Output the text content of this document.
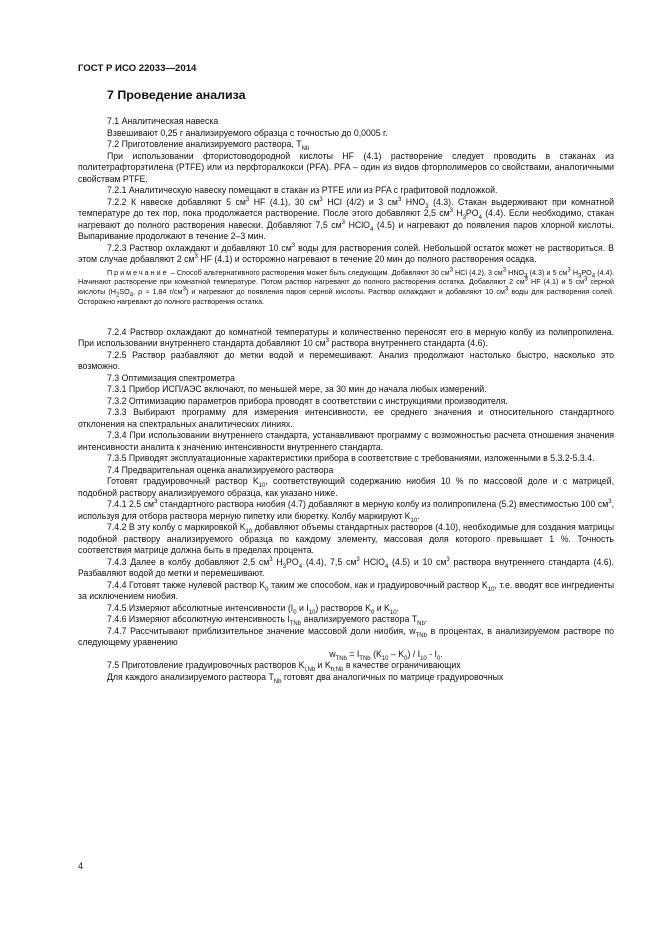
ГОСТ Р ИСО 22033—2014
7 Проведение анализа

7.1 Аналитическая навеска

Взвешивают 0,25 г анализируемого образца с точностью до 0,0005 г.

7.2 Приготовление анализируемого раствора, $T_{Nb}$

При использовании фтористоводородной кислоты HF (4.1) растворение следует проводить в стаканах из политетрафторэтилена (PTFE) или из перфторалкокси (PFA). PFA – один из видов фторполимеров со свойствами, аналогичными свойствам PTFE.

7.2.1 Аналитическую навеску помещают в стакан из PTFE или из PFA с графитовой подложкой.

7.2.2 К навеске добавляют 5 $см^3$ HF (4.1), 30 $см^3$ HCl (4/2) и 3 $см^3$ $HNO_3$ (4.3). Стакан выдерживают при комнатной температуре до тех пор, пока продолжается растворение. После этого добавляют 2,5 $см^3$ $H_3PO_4$ (4.4). Если необходимо, стакан нагревают до полного растворения навески. Добавляют 7,5 $см^3$ HClO$_4$ (4.5) и нагревают до появления паров хлорной кислоты. Выпаривание продолжают в течение 2–3 мин.

7.2.3 Раствор охлаждают и добавляют 10 $см^3$ воды для растворения солей. Небольшой остаток может не раствориться. В этом случае добавляют 2 $см^3$ HF (4.1) и осторожно нагревают в течение 20 мин до полного растворения осадка.

Примечание – Способ альтернативного растворения может быть следующим. Добавляют 30 $см^3$ HCl (4.2), 3 $см^3$ $HNO_3$ (4.3) и 5 $см^3$ $H_3PO_4$ (4.4). Начинают растворение при комнатной температуре. Потом раствор нагревают до полного растворения остатка. Добавляют 2 $см^3$ HF (4.1) и 5 $см^3$ серной кислоты ($H_2SO_4$, ρ ≈ 1,84 $г/см^3$) и нагревают до появления паров серной кислоты. Раствор охлаждают и добавляют 10 $см^3$ воды для растворения солей. Осторожно нагревают до полного растворения остатка.

7.2.4 Раствор охлаждают до комнатной температуры и количественно переносят его в мерную колбу из полипропилена. При использовании внутреннего стандарта добавляют 10 $см^3$ раствора внутреннего стандарта (4.6).

7.2.5 Раствор разбавляют до метки водой и перемешивают. Анализ продолжают настолько быстро, насколько это возможно.

7.3 Оптимизация спектрометра

7.3.1 Прибор ИСП/АЭС включают, по меньшей мере, за 30 мин до начала любых измерений.

7.3.2 Оптимизацию параметров прибора проводят в соответствии с инструкциями производителя.

7.3.3 Выбирают программу для измерения интенсивности, ее среднего значения и относительного стандартного отклонения на спектральных аналитических линиях.

7.3.4 При использовании внутреннего стандарта, устанавливают программу с возможностью расчета отношения значения интенсивности аналита к значению интенсивности внутреннего стандарта.

7.3.5 Приводят эксплуатационные характеристики прибора в соответствие с требованиями, изложенными в 5.3.2-5.3.4.

7.4 Предварительная оценка анализируемого раствора

Готовят градуировочный раствор $K_{10}$, соответствующий содержанию ниобия 10 % по массовой доле и с матрицей, подобной раствору анализируемого образца, как указано ниже.

7.4.1 2,5 $см^3$ стандартного раствора ниобия (4.7) добавляют в мерную колбу из полипропилена (5.2) вместимостью 100 $см^3$, используя для отбора раствора мерную пипетку или бюретку. Колбу маркируют $K_{10}$.

7.4.2 В эту колбу с маркировкой $K_{10}$ добавляют объемы стандартных растворов (4.10), необходимые для создания матрицы подобной раствору анализируемого образца по каждому элементу, массовая доля которого превышает 1 %. Точность соответствия матрице должна быть в пределах процента.

7.4.3 Далее в колбу добавляют 2,5 $см^3$ $H_3PO_4$ (4.4), 7,5 $см^3$ HClO$_4$ (4.5) и 10 $см^3$ раствора внутреннего стандарта (4.6). Разбавляют водой до метки и перемешивают.

7.4.4 Готовят также нулевой раствор $K_0$ таким же способом, как и градуировочный раствор $K_{10}$, т.е. вводят все ингредиенты за исключением ниобия.

7.4.5 Измеряют абсолютные интенсивности ($I_0$ и $I_{10}$) растворов $K_0$ и $K_{10}$.

7.4.6 Измеряют абсолютную интенсивность $I_{TNb}$ анализируемого раствора $T_{Nb}$.

7.4.7 Рассчитывают приблизительное значение массовой доли ниобия, $w_{TNb}$ в процентах, в анализируемом растворе по следующему уравнению

$w_{TNb} = I_{TNb}$ $(K_{10} - K_0) / I_{10} - I_0$.

7.5 Приготовление градуировочных растворов $K_{l,Nb}$ и $K_{h,Nb}$ в качестве ограничивающих

Для каждого анализируемого раствора $T_{Nb}$ готовят два аналогичных по матрице градуировочных

4
